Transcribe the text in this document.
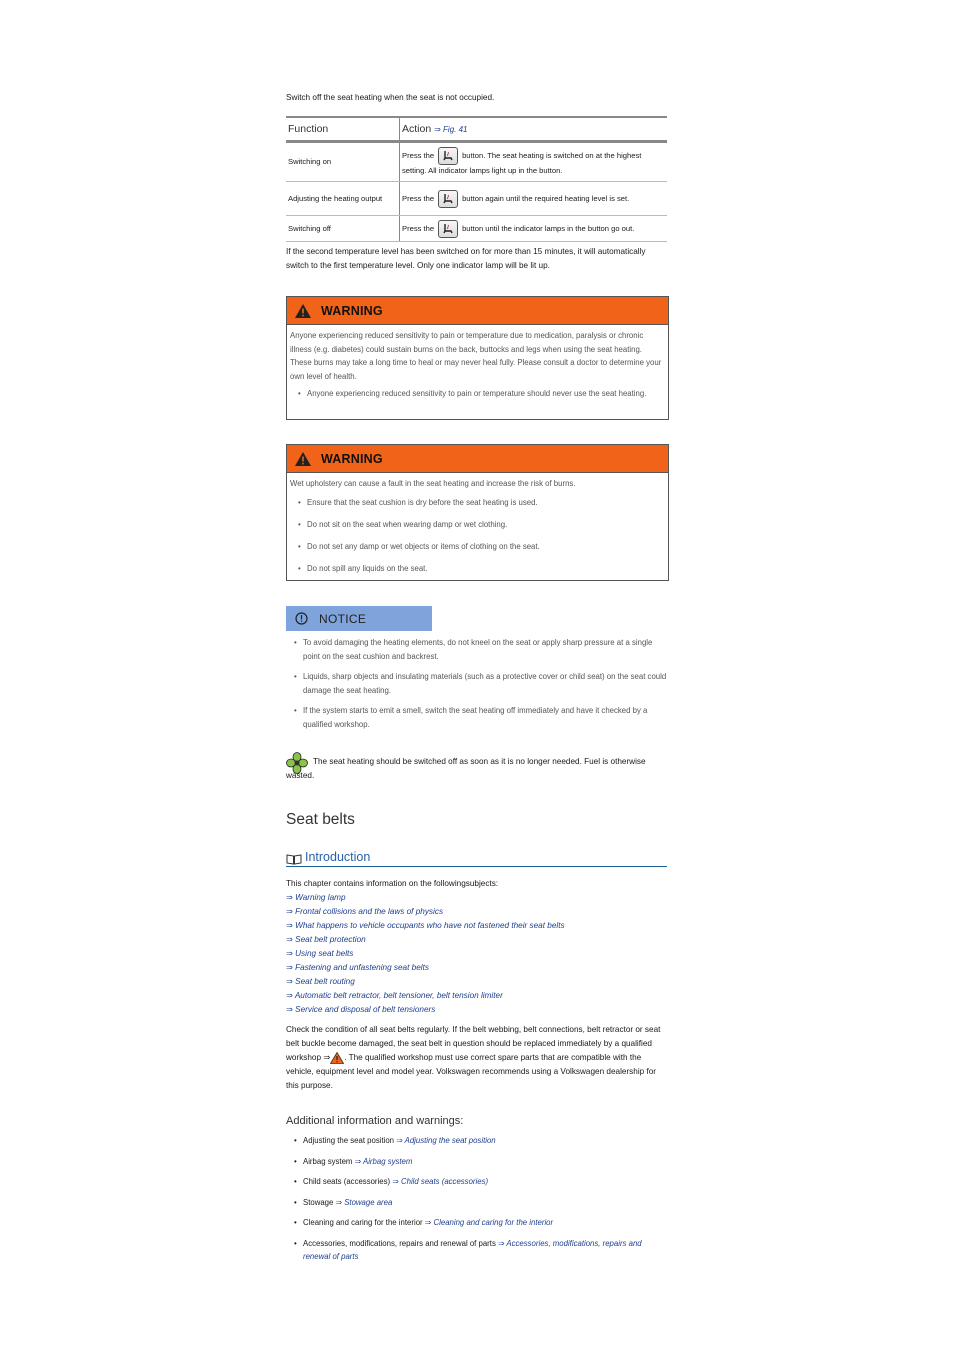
Switch off the seat heating when the seat is not occupied.

Function	Action ⇒ Fig. 41
Switching on	Press the button. The seat heating is switched on at the highest setting. All indicator lamps light up in the button.
Adjusting the heating output	Press the button again until the required heating level is set.
Switching off	Press the button until the indicator lamps in the button go out.

If the second temperature level has been switched on for more than 15 minutes, it will automatically switch to the first temperature level. Only one indicator lamp will be lit up.

WARNING
Anyone experiencing reduced sensitivity to pain or temperature due to medication, paralysis or chronic illness (e.g. diabetes) could sustain burns on the back, buttocks and legs when using the seat heating. These burns may take a long time to heal or may never heal fully. Please consult a doctor to determine your own level of health.
• Anyone experiencing reduced sensitivity to pain or temperature should never use the seat heating.
WARNING
Wet upholstery can cause a fault in the seat heating and increase the risk of burns.
• Ensure that the seat cushion is dry before the seat heating is used.
• Do not sit on the seat when wearing damp or wet clothing.
• Do not set any damp or wet objects or items of clothing on the seat.
• Do not spill any liquids on the seat.
NOTICE
• To avoid damaging the heating elements, do not kneel on the seat or apply sharp pressure at a single point on the seat cushion and backrest.
• Liquids, sharp objects and insulating materials (such as a protective cover or child seat) on the seat could damage the seat heating.
• If the system starts to emit a smell, switch the seat heating off immediately and have it checked by a qualified workshop.

The seat heating should be switched off as soon as it is no longer needed. Fuel is otherwise wasted.

Seat belts
Introduction

This chapter contains information on the followingsubjects:

⇒ Warning lamp

⇒ Frontal collisions and the laws of physics

⇒ What happens to vehicle occupants who have not fastened their seat belts

⇒ Seat belt protection

⇒ Using seat belts

⇒ Fastening and unfastening seat belts

⇒ Seat belt routing

⇒ Automatic belt retractor, belt tensioner, belt tension limiter

⇒ Service and disposal of belt tensioners

Check the condition of all seat belts regularly. If the belt webbing, belt connections, belt retractor or seat belt buckle become damaged, the seat belt in question should be replaced immediately by a qualified workshop ⇒ . The qualified workshop must use correct spare parts that are compatible with the vehicle, equipment level and model year. Volkswagen recommends using a Volkswagen dealership for this purpose.

Additional information and warnings:
• Adjusting the seat position ⇒ Adjusting the seat position
• Airbag system ⇒ Airbag system
• Child seats (accessories) ⇒ Child seats (accessories)
• Stowage ⇒ Stowage area
• Cleaning and caring for the interior ⇒ Cleaning and caring for the interior
• Accessories, modifications, repairs and renewal of parts ⇒ Accessories, modifications, repairs and renewal of parts
